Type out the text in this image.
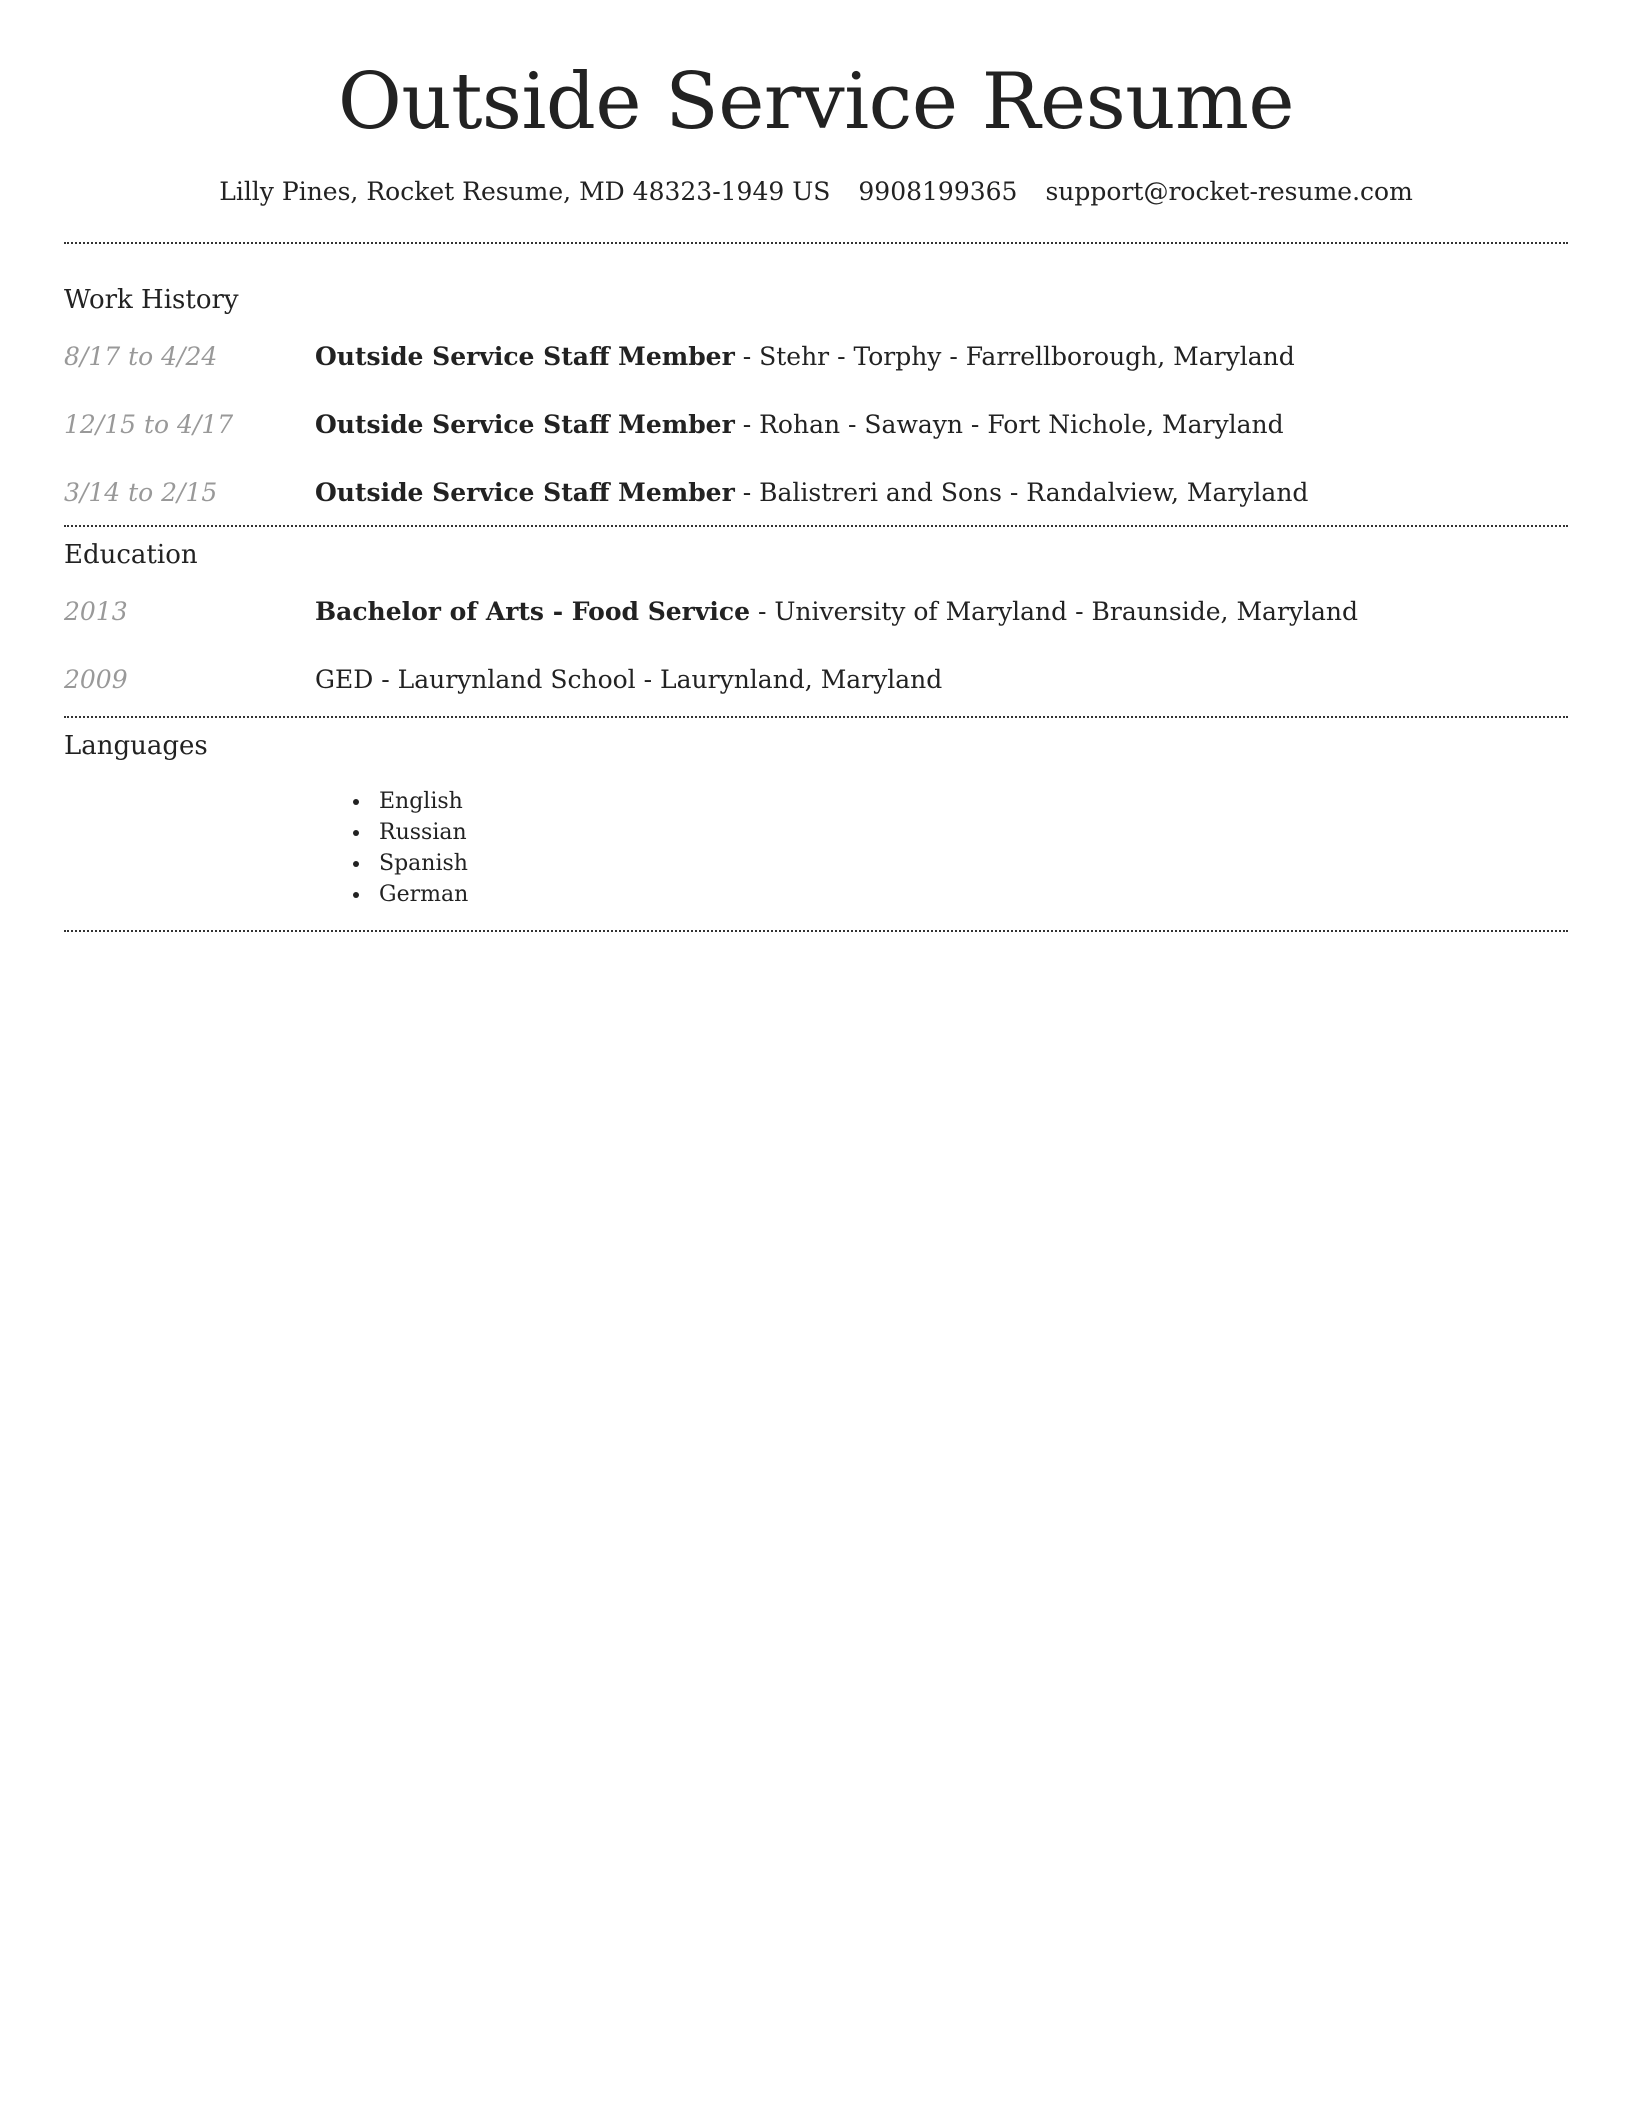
Outside Service Resume
Lilly Pines, Rocket Resume, MD 48323-1949 US 9908199365 support@rocket-resume.com
Work History
8/17 to 4/24	Outside Service Staff Member - Stehr - Torphy - Farrellborough, Maryland
12/15 to 4/17	Outside Service Staff Member - Rohan - Sawayn - Fort Nichole, Maryland
3/14 to 2/15	Outside Service Staff Member - Balistreri and Sons - Randalview, Maryland
Education
2013	Bachelor of Arts - Food Service - University of Maryland - Braunside, Maryland
2009	GED - Laurynland School - Laurynland, Maryland
Languages
English
Russian
Spanish
German
